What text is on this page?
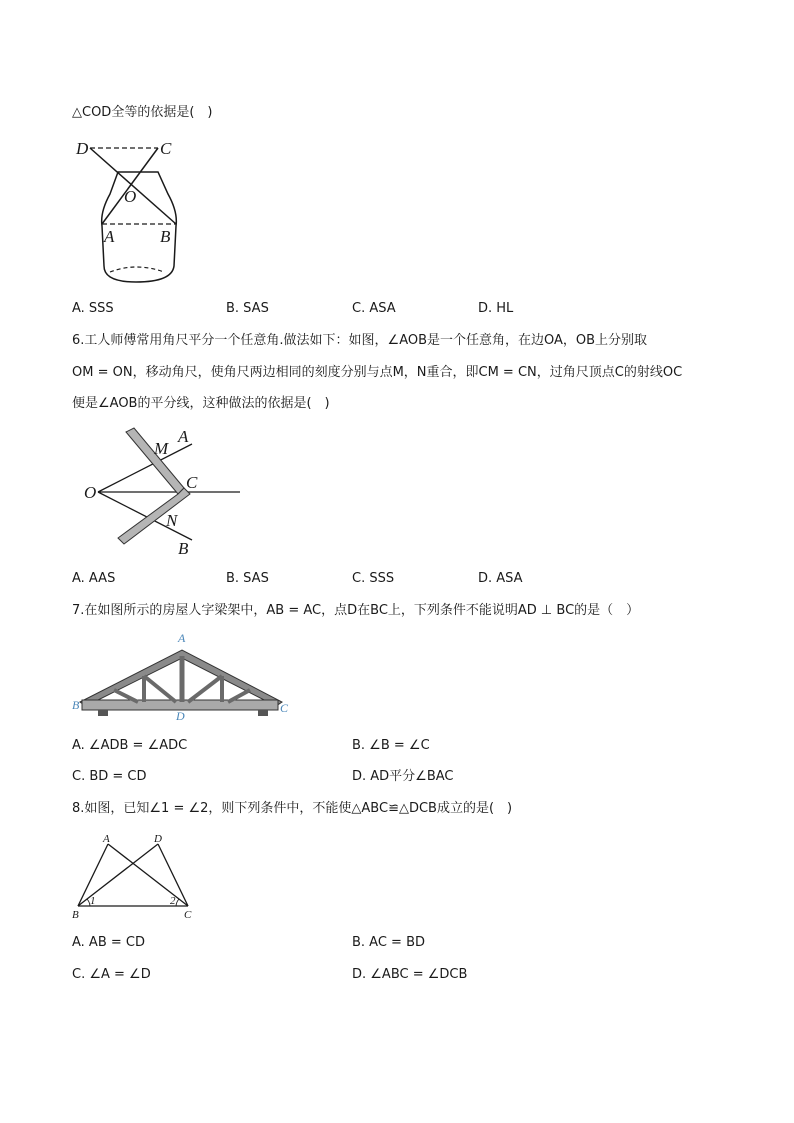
△COD全等的依据是(　)
D	C
O
A	B
A. SSS	B. SAS	C. ASA	D. HL
6.工人师傅常用角尺平分一个任意角.做法如下：如图，∠AOB是一个任意角，在边OA，OB上分别取
OM = ON，移动角尺，使角尺两边相同的刻度分别与点M，N重合，即CM = CN，过角尺顶点C的射线OC
便是∠AOB的平分线，这种做法的依据是(　)
A
M
O
C
N
B
A. AAS	B. SAS	C. SSS	D. ASA
7.在如图所示的房屋人字梁架中，AB = AC，点D在BC上，下列条件不能说明AD ⊥ BC的是（　）
A
B	C
D
A. ∠ADB = ∠ADC	B. ∠B = ∠C
C. BD = CD	D. AD平分∠BAC
8.如图，已知∠1 = ∠2，则下列条件中，不能使△ABC≌△DCB成立的是(　)
A	D
B	C
1	2
A. AB = CD	B. AC = BD
C. ∠A = ∠D	D. ∠ABC = ∠DCB
